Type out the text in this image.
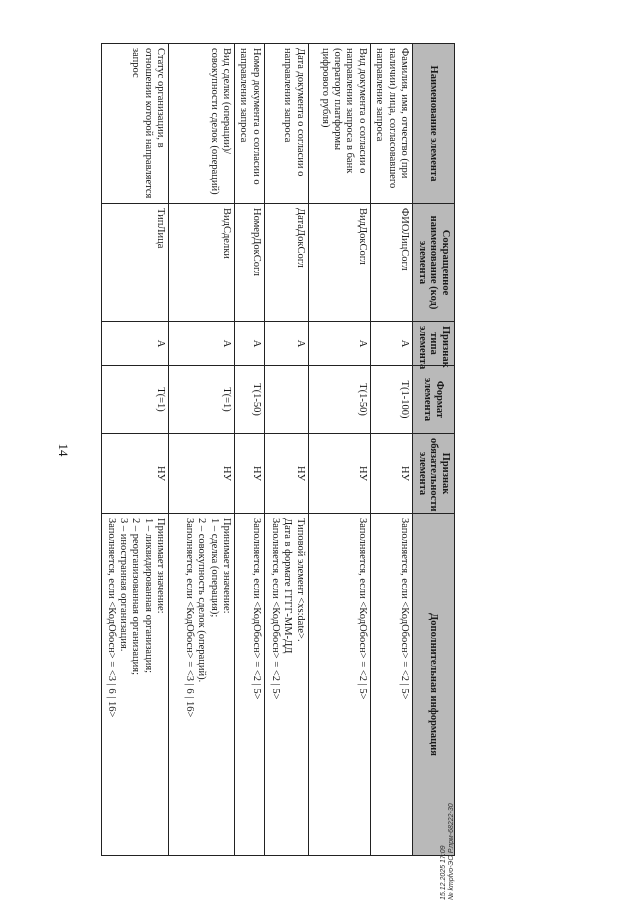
14
Наименование элемента	Сокращенное наименование (код) элемента	Признак типа элемента	Формат элемента	Признак обязательности элемента	Дополнительная информация
Фамилия, имя, отчество (при наличии) лица, согласовавшего направление запроса	ФИОЛицСогл	А	Т(1-100)	НУ	Заполняется, если <КодОбосн> = <2 | 5>

Вид документа о согласии о направлении запроса в банк (оператору платформы цифрового рубля)	ВидДокСогл	А	Т(1-50)	НУ	Заполняется, если <КодОбосн> = <2 | 5>

Дата документа о согласии о направлении запроса	ДатаДокСогл	А		НУ	Типовой элемент <xs:date>.
Дата в формате ГГГГ-ММ-ДД
Заполняется, если <КодОбосн> = <2 | 5>

Номер документа о согласии о направлении запроса	НомерДокСогл	А	Т(1-50)	НУ	Заполняется, если <КодОбосн> = <2 | 5>

Вид сделки (операции)/ совокупности сделок (операций)	ВидСделки	А	Т(=1)	НУ	Принимает значение:
1 – сделка (операция);
2 – совокупность сделок (операций).
Заполняется, если <КодОбосн> = <3 | 6 | 16>

Статус организации, в отношении которой направляется запрос	ТипЛица	А	Т(=1)	НУ	Принимает значение:
1 – ликвидированная организация;
2 – реорганизованная организация;
3 – иностранная организация.
Заполняется, если <КодОбосн> = <3 | 6 | 16>
15.12.2025 17:09 № kmpfvo-ЭО Р.прм-68222-30
